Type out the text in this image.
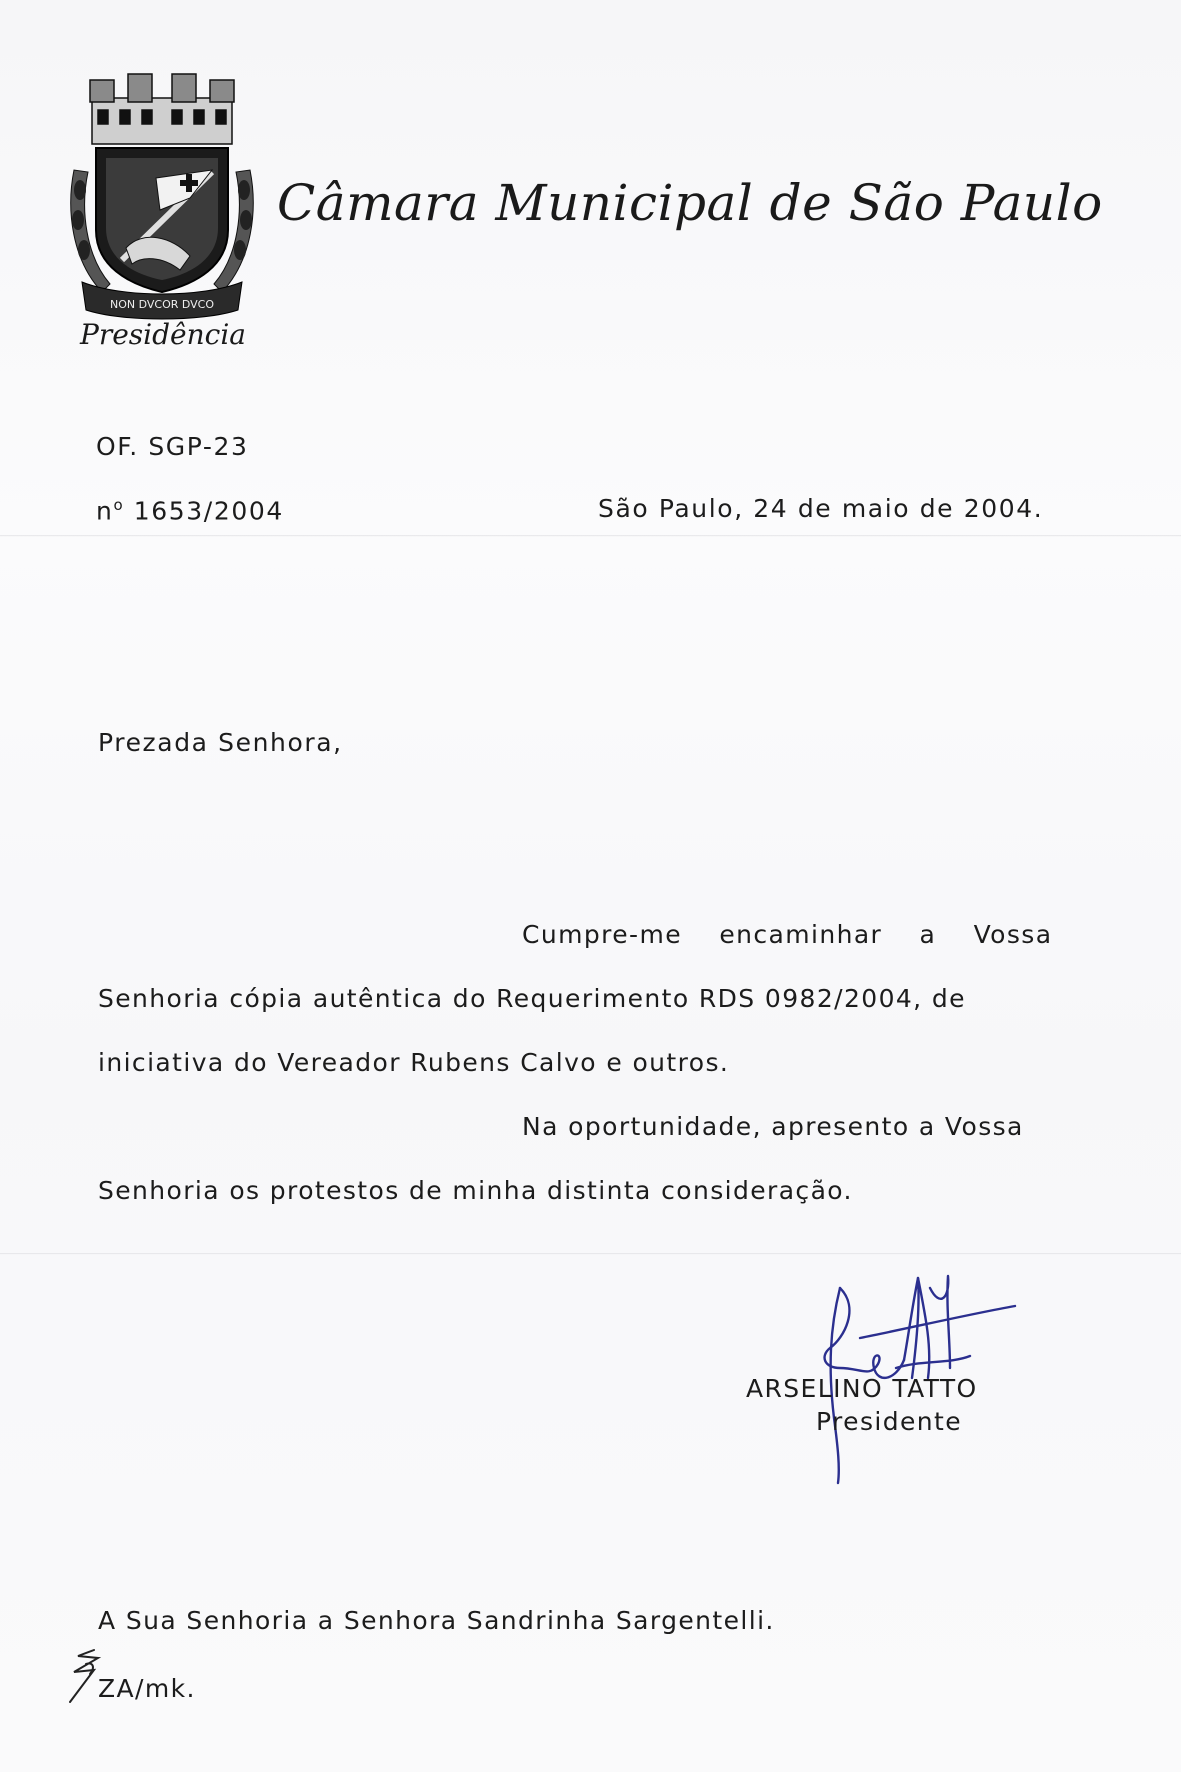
NON DVCOR DVCO
Câmara Municipal de São Paulo
Presidência
OF. SGP-23
$n^o$ 1653/2004	São Paulo, 24 de maio de 2004.
Prezada Senhora,
Cumpre-me encaminhar a Vossa
Senhoria cópia autêntica do Requerimento RDS 0982/2004, de
iniciativa do Vereador Rubens Calvo e outros.
Na oportunidade, apresento a Vossa
Senhoria os protestos de minha distinta consideração.
ARSELINO TATTO
Presidente
A Sua Senhoria a Senhora Sandrinha Sargentelli.
ZA/mk.
